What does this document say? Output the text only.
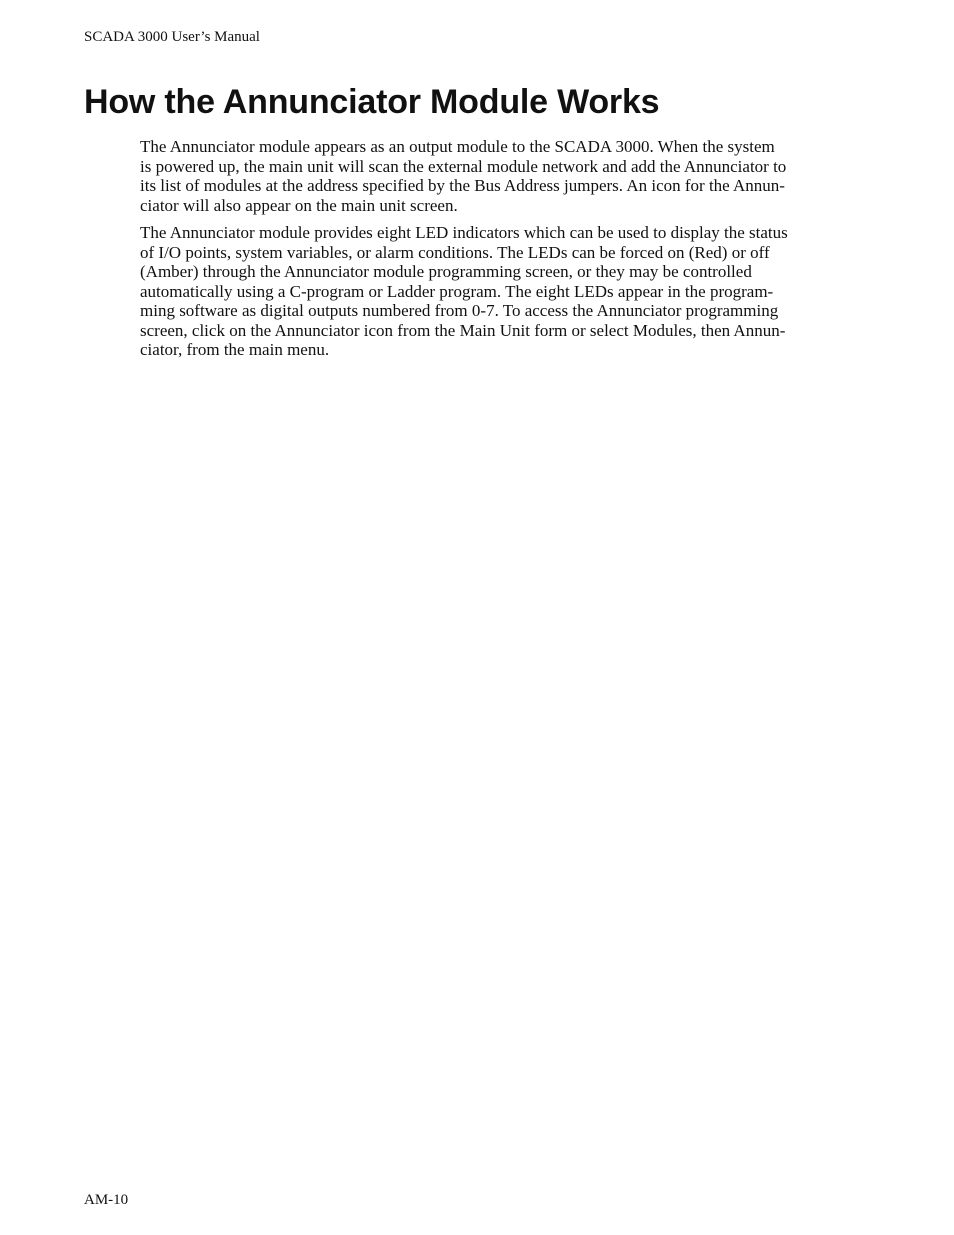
SCADA 3000 User’s Manual
How the Annunciator Module Works

The Annunciator module appears as an output module to the SCADA 3000. When the system
is powered up, the main unit will scan the external module network and add the Annunciator to
its list of modules at the address specified by the Bus Address jumpers. An icon for the Annun-
ciator will also appear on the main unit screen.

The Annunciator module provides eight LED indicators which can be used to display the status
of I/O points, system variables, or alarm conditions. The LEDs can be forced on (Red) or off
(Amber) through the Annunciator module programming screen, or they may be controlled
automatically using a C-program or Ladder program. The eight LEDs appear in the program-
ming software as digital outputs numbered from 0-7. To access the Annunciator programming
screen, click on the Annunciator icon from the Main Unit form or select Modules, then Annun-
ciator, from the main menu.

AM-10
